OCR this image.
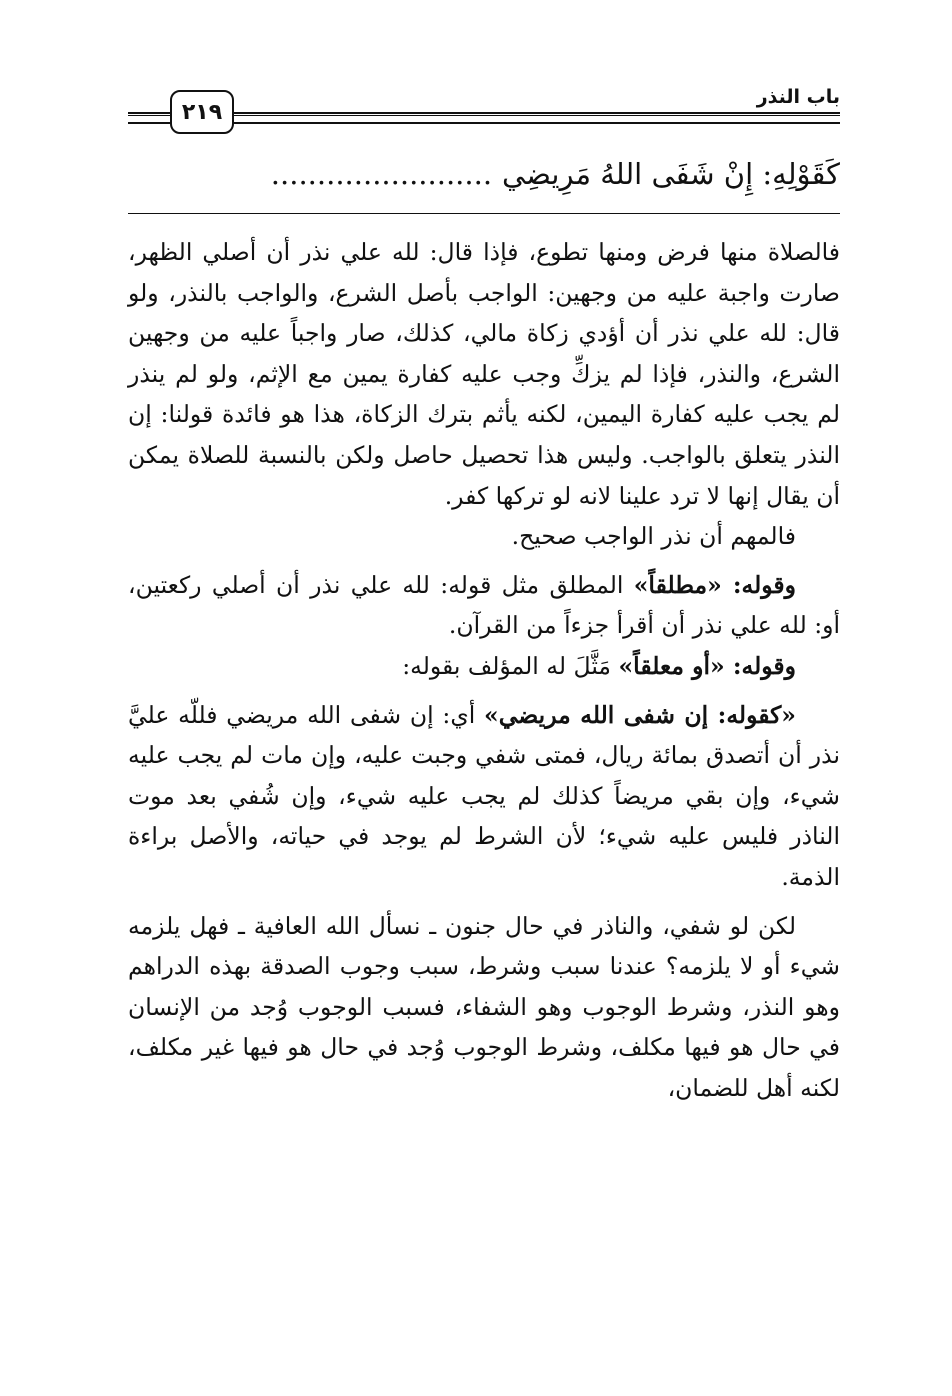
٢١٩
باب النذر
كَقَوْلِهِ: إِنْ شَفَى اللهُ مَرِيضِي........................

فالصلاة منها فرض ومنها تطوع، فإذا قال: لله علي نذر أن أصلي الظهر، صارت واجبة عليه من وجهين: الواجب بأصل الشرع، والواجب بالنذر، ولو قال: لله علي نذر أن أؤدي زكاة مالي، كذلك، صار واجباً عليه من وجهين الشرع، والنذر، فإذا لم يزكِّ وجب عليه كفارة يمين مع الإثم، ولو لم ينذر لم يجب عليه كفارة اليمين، لكنه يأثم بترك الزكاة، هذا هو فائدة قولنا: إن النذر يتعلق بالواجب. وليس هذا تحصيل حاصل ولكن بالنسبة للصلاة يمكن أن يقال إنها لا ترد علينا لانه لو تركها كفر.

فالمهم أن نذر الواجب صحيح.

وقوله: «مطلقاً» المطلق مثل قوله: لله علي نذر أن أصلي ركعتين، أو: لله علي نذر أن أقرأ جزءاً من القرآن.

وقوله: «أو معلقاً» مَثَّلَ له المؤلف بقوله:

«كقوله: إن شفى الله مريضي» أي: إن شفى الله مريضي فللّه عليَّ نذر أن أتصدق بمائة ريال، فمتى شفي وجبت عليه، وإن مات لم يجب عليه شيء، وإن بقي مريضاً كذلك لم يجب عليه شيء، وإن شُفي بعد موت الناذر فليس عليه شيء؛ لأن الشرط لم يوجد في حياته، والأصل براءة الذمة.

لكن لو شفي، والناذر في حال جنون ـ نسأل الله العافية ـ فهل يلزمه شيء أو لا يلزمه؟ عندنا سبب وشرط، سبب وجوب الصدقة بهذه الدراهم وهو النذر، وشرط الوجوب وهو الشفاء، فسبب الوجوب وُجد من الإنسان في حال هو فيها مكلف، وشرط الوجوب وُجد في حال هو فيها غير مكلف، لكنه أهل للضمان،
